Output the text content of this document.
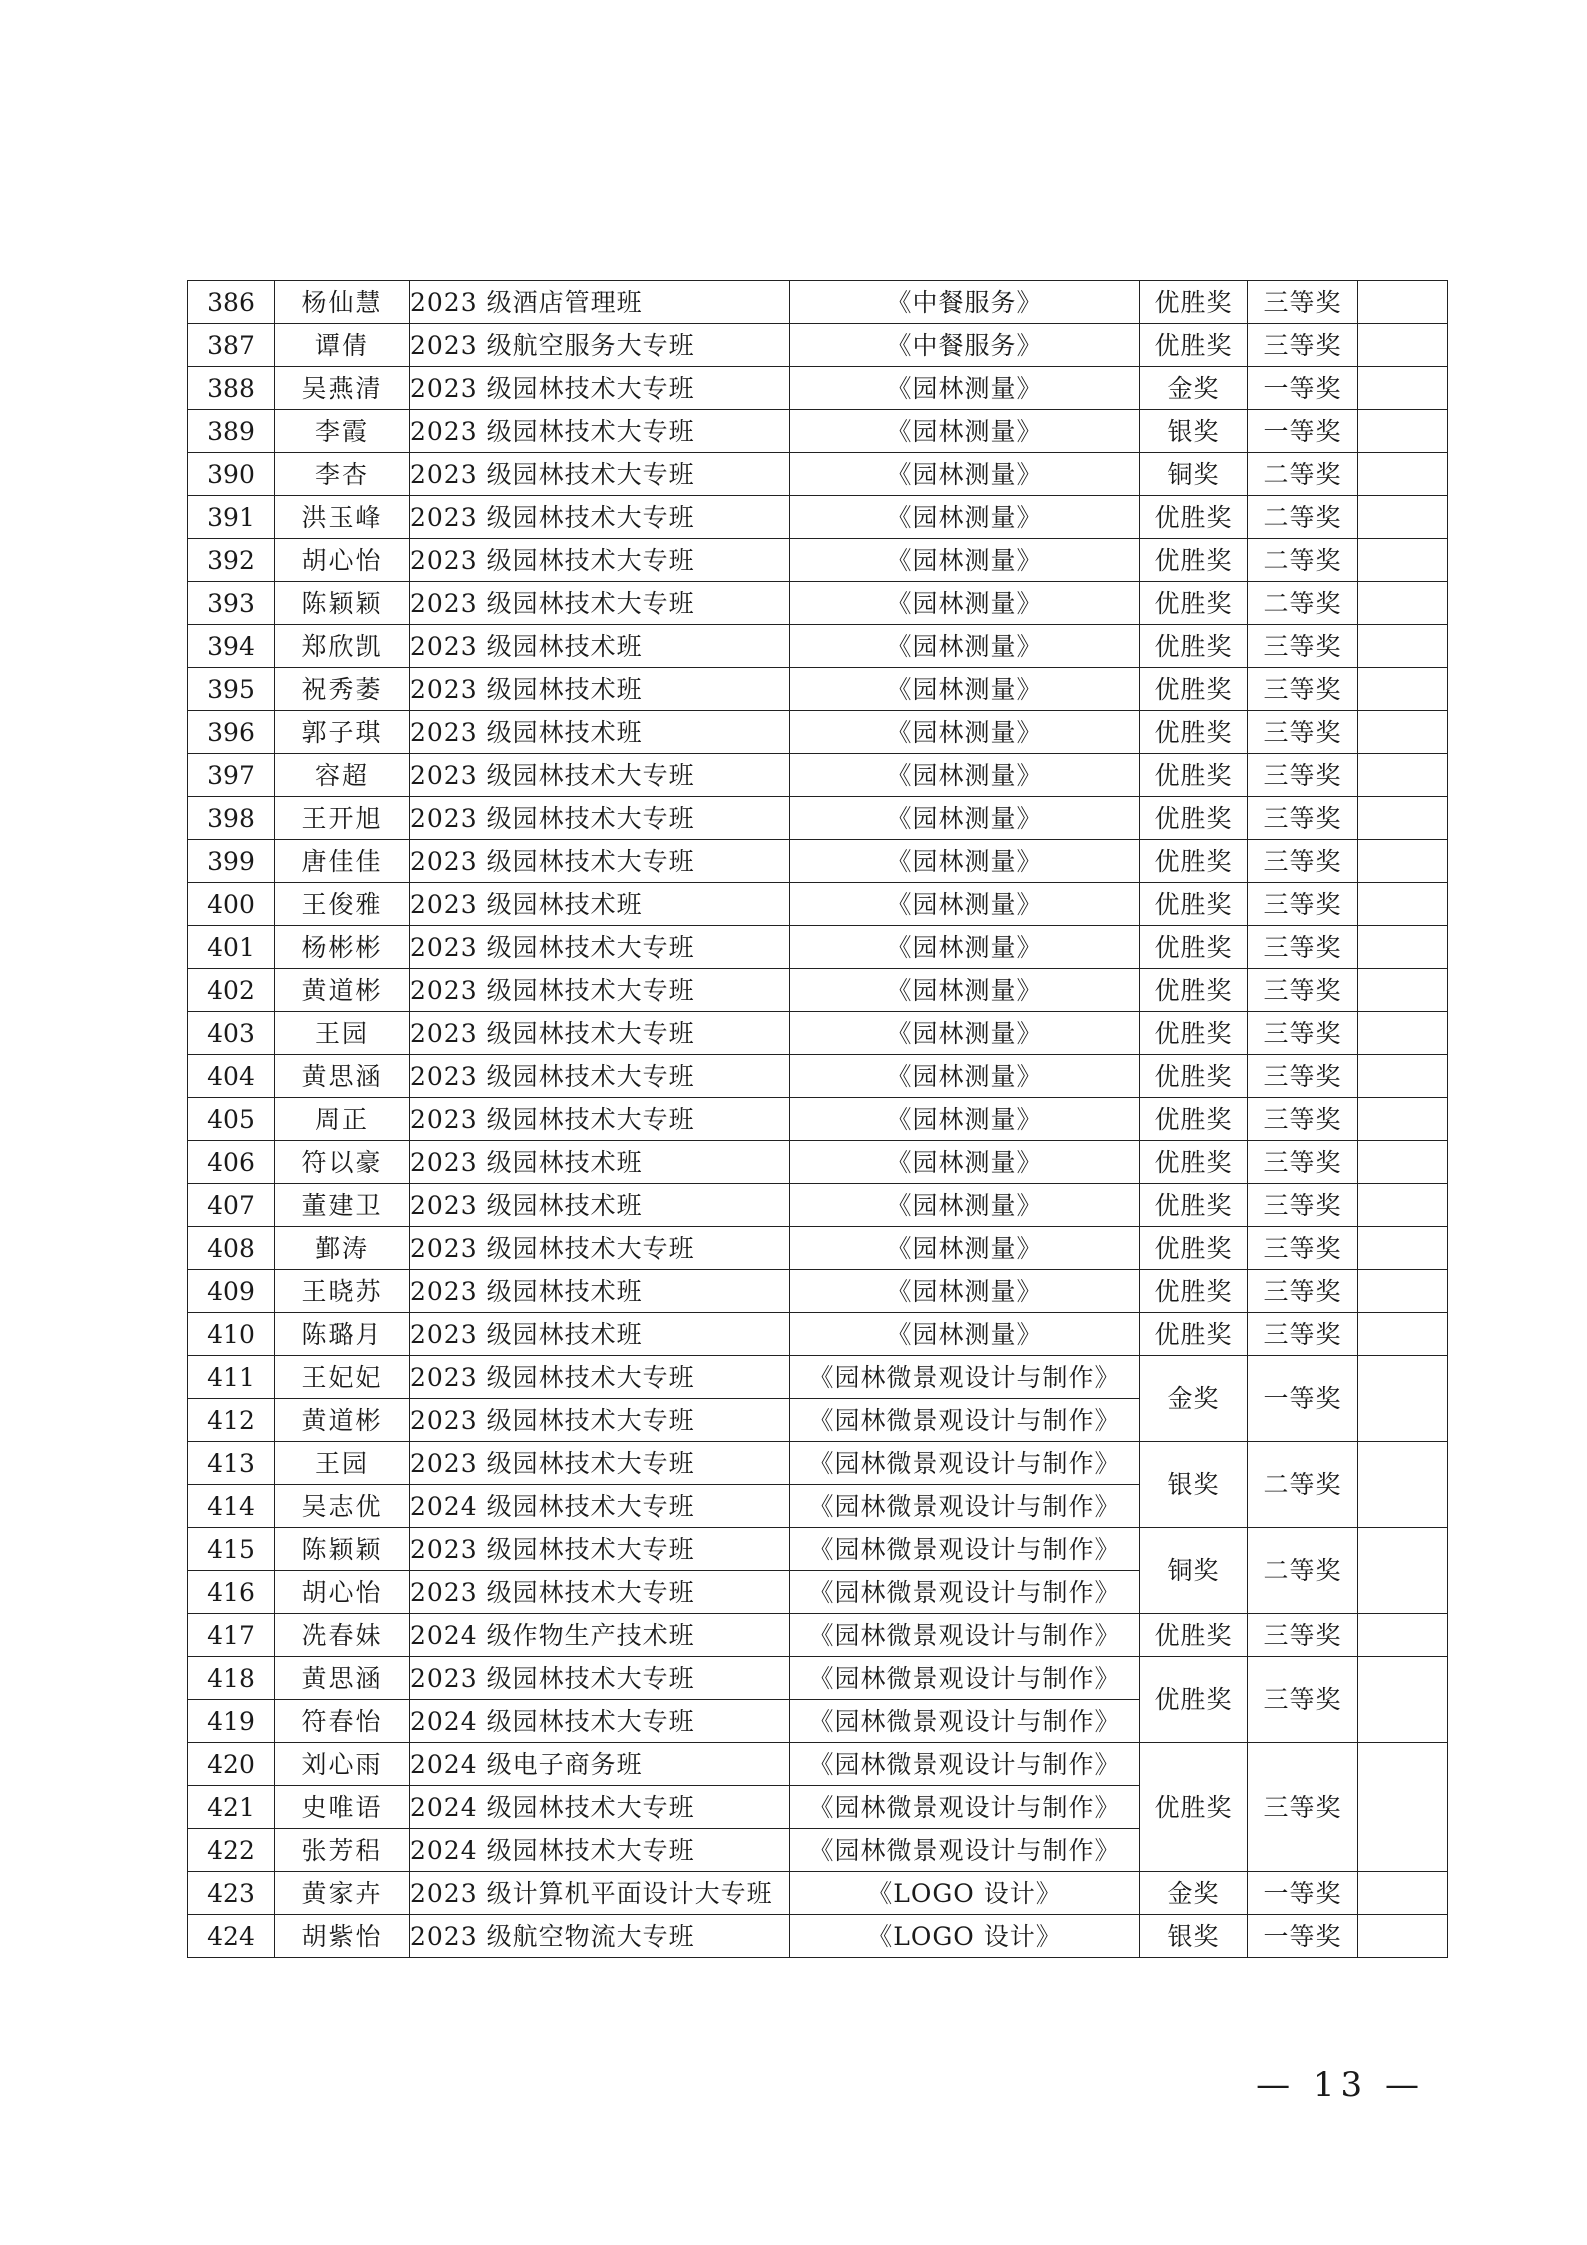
386	杨仙慧	2023 级酒店管理班	《中餐服务》	优胜奖	三等奖	
387	谭倩	2023 级航空服务大专班	《中餐服务》	优胜奖	三等奖	
388	吴燕清	2023 级园林技术大专班	《园林测量》	金奖	一等奖	
389	李霞	2023 级园林技术大专班	《园林测量》	银奖	一等奖	
390	李杏	2023 级园林技术大专班	《园林测量》	铜奖	二等奖	
391	洪玉峰	2023 级园林技术大专班	《园林测量》	优胜奖	二等奖	
392	胡心怡	2023 级园林技术大专班	《园林测量》	优胜奖	二等奖	
393	陈颖颖	2023 级园林技术大专班	《园林测量》	优胜奖	二等奖	
394	郑欣凯	2023 级园林技术班	《园林测量》	优胜奖	三等奖	
395	祝秀萎	2023 级园林技术班	《园林测量》	优胜奖	三等奖	
396	郭子琪	2023 级园林技术班	《园林测量》	优胜奖	三等奖	
397	容超	2023 级园林技术大专班	《园林测量》	优胜奖	三等奖	
398	王开旭	2023 级园林技术大专班	《园林测量》	优胜奖	三等奖	
399	唐佳佳	2023 级园林技术大专班	《园林测量》	优胜奖	三等奖	
400	王俊雅	2023 级园林技术班	《园林测量》	优胜奖	三等奖	
401	杨彬彬	2023 级园林技术大专班	《园林测量》	优胜奖	三等奖	
402	黄道彬	2023 级园林技术大专班	《园林测量》	优胜奖	三等奖	
403	王园	2023 级园林技术大专班	《园林测量》	优胜奖	三等奖	
404	黄思涵	2023 级园林技术大专班	《园林测量》	优胜奖	三等奖	
405	周正	2023 级园林技术大专班	《园林测量》	优胜奖	三等奖	
406	符以豪	2023 级园林技术班	《园林测量》	优胜奖	三等奖	
407	董建卫	2023 级园林技术班	《园林测量》	优胜奖	三等奖	
408	鄞涛	2023 级园林技术大专班	《园林测量》	优胜奖	三等奖	
409	王晓苏	2023 级园林技术班	《园林测量》	优胜奖	三等奖	
410	陈璐月	2023 级园林技术班	《园林测量》	优胜奖	三等奖	
411	王妃妃	2023 级园林技术大专班	《园林微景观设计与制作》	金奖	一等奖	
412	黄道彬	2023 级园林技术大专班	《园林微景观设计与制作》			
413	王园	2023 级园林技术大专班	《园林微景观设计与制作》	银奖	二等奖	
414	吴志优	2024 级园林技术大专班	《园林微景观设计与制作》			
415	陈颖颖	2023 级园林技术大专班	《园林微景观设计与制作》	铜奖	二等奖	
416	胡心怡	2023 级园林技术大专班	《园林微景观设计与制作》			
417	冼春妹	2024 级作物生产技术班	《园林微景观设计与制作》	优胜奖	三等奖	
418	黄思涵	2023 级园林技术大专班	《园林微景观设计与制作》	优胜奖	三等奖	
419	符春怡	2024 级园林技术大专班	《园林微景观设计与制作》			
420	刘心雨	2024 级电子商务班	《园林微景观设计与制作》	优胜奖	三等奖	
421	史唯语	2024 级园林技术大专班	《园林微景观设计与制作》			
422	张芳稆	2024 级园林技术大专班	《园林微景观设计与制作》			
423	黄家卉	2023 级计算机平面设计大专班	《LOGO 设计》	金奖	一等奖	
424	胡紫怡	2023 级航空物流大专班	《LOGO 设计》	银奖	一等奖	
— 13 —
